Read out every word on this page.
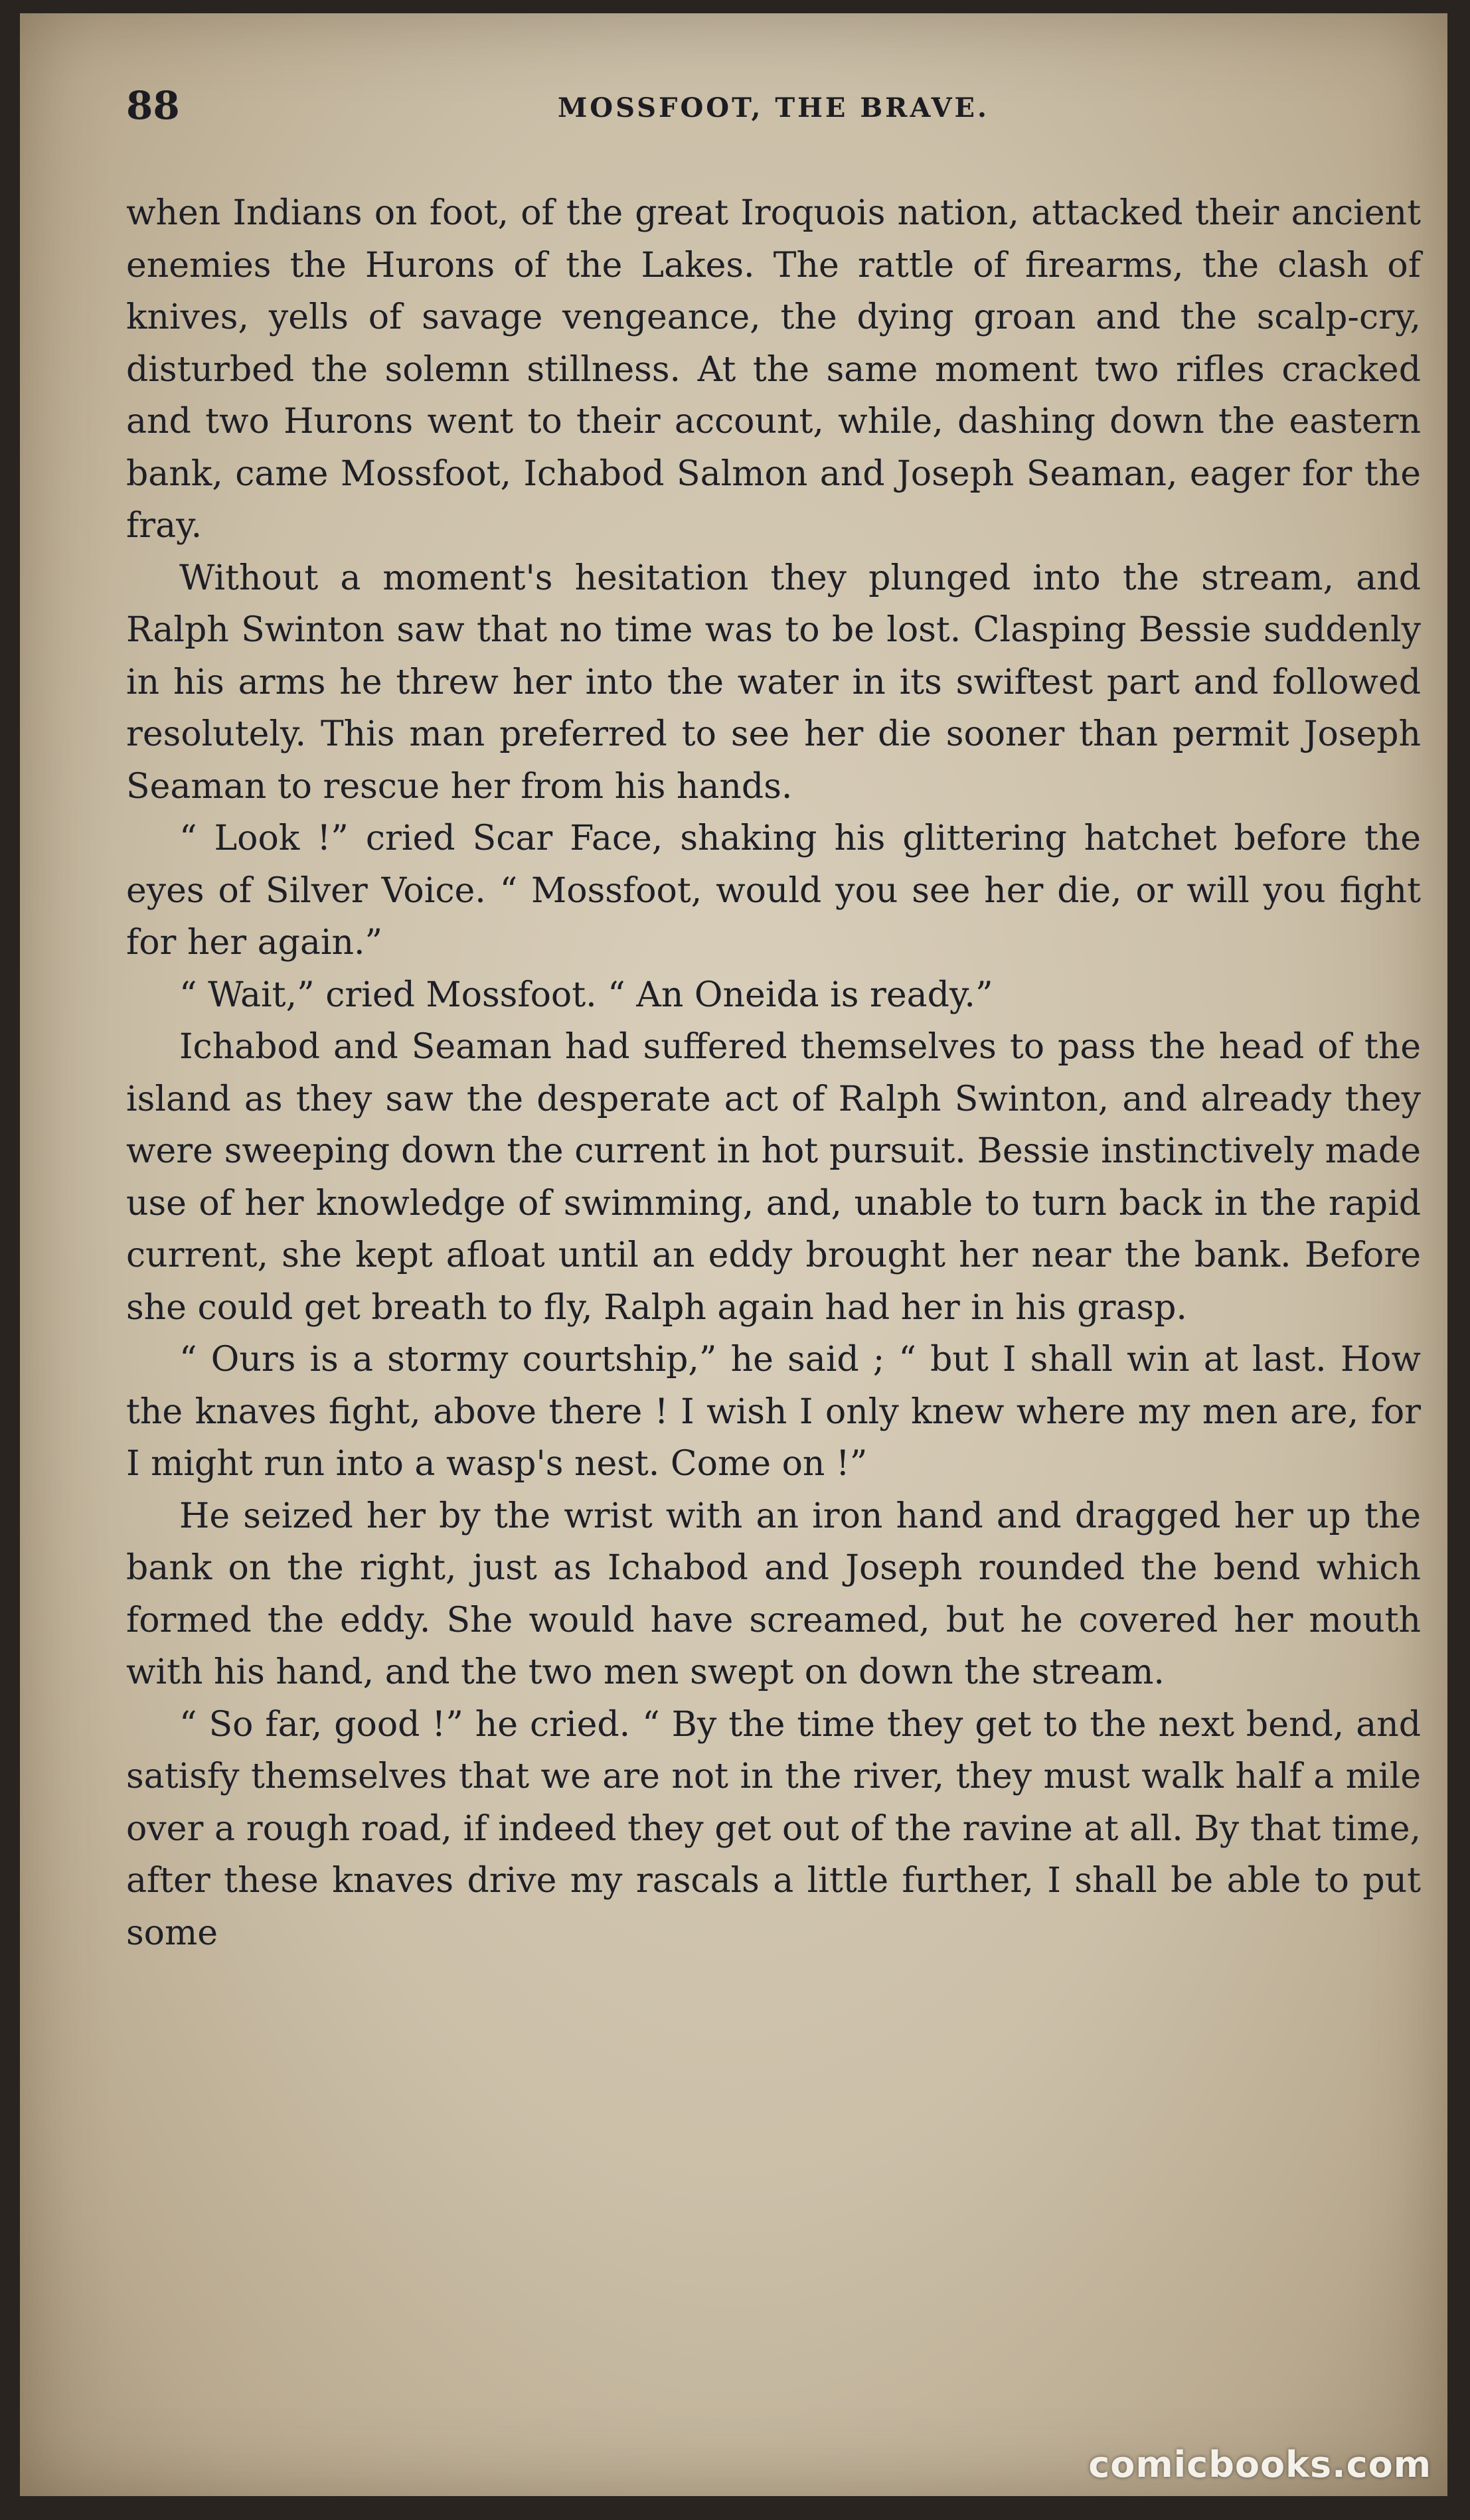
88	MOSSFOOT, THE BRAVE.

when Indians on foot, of the great Iroquois nation, attacked their ancient enemies the Hurons of the Lakes. The rattle of firearms, the clash of knives, yells of savage vengeance, the dying groan and the scalp-cry, disturbed the solemn stillness. At the same moment two rifles cracked and two Hurons went to their account, while, dashing down the eastern bank, came Mossfoot, Ichabod Salmon and Joseph Seaman, eager for the fray.

Without a moment's hesitation they plunged into the stream, and Ralph Swinton saw that no time was to be lost. Clasping Bessie suddenly in his arms he threw her into the water in its swiftest part and followed resolutely. This man preferred to see her die sooner than permit Joseph Seaman to rescue her from his hands.

“ Look !” cried Scar Face, shaking his glittering hatchet before the eyes of Silver Voice. “ Mossfoot, would you see her die, or will you fight for her again.”

“ Wait,” cried Mossfoot. “ An Oneida is ready.”

Ichabod and Seaman had suffered themselves to pass the head of the island as they saw the desperate act of Ralph Swinton, and already they were sweeping down the current in hot pursuit. Bessie instinctively made use of her knowledge of swimming, and, unable to turn back in the rapid current, she kept afloat until an eddy brought her near the bank. Before she could get breath to fly, Ralph again had her in his grasp.

“ Ours is a stormy courtship,” he said ; “ but I shall win at last. How the knaves fight, above there ! I wish I only knew where my men are, for I might run into a wasp's nest. Come on !”

He seized her by the wrist with an iron hand and dragged her up the bank on the right, just as Ichabod and Joseph rounded the bend which formed the eddy. She would have screamed, but he covered her mouth with his hand, and the two men swept on down the stream.

“ So far, good !” he cried. “ By the time they get to the next bend, and satisfy themselves that we are not in the river, they must walk half a mile over a rough road, if indeed they get out of the ravine at all. By that time, after these knaves drive my rascals a little further, I shall be able to put some

comicbooks.com
